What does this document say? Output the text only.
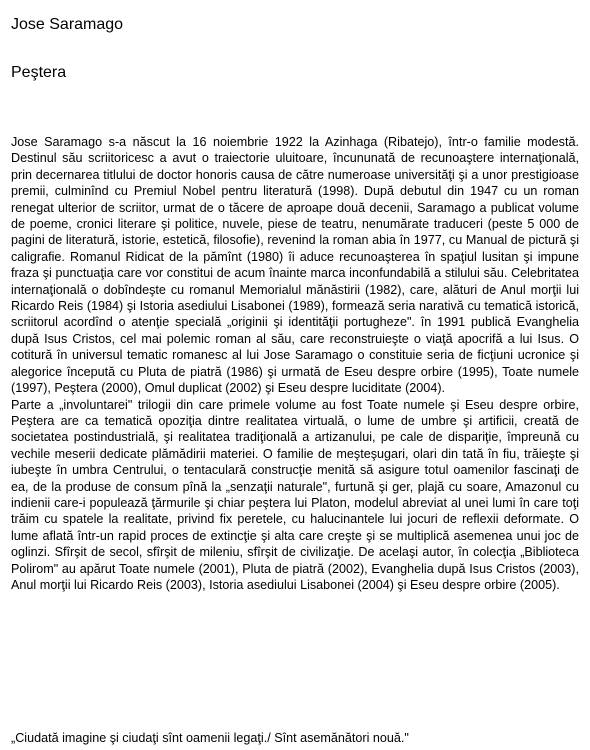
Jose Saramago
Peştera

Jose Saramago s-a născut la 16 noiembrie 1922 la Azinhaga (Ribatejo), într-o familie modestă. Destinul său scriitoricesc a avut o traiectorie uluitoare, încununată de recunoaştere internaţională, prin decernarea titlului de doctor honoris causa de către numeroase universităţi şi a unor prestigioase premii, culminînd cu Premiul Nobel pentru literatură (1998). După debutul din 1947 cu un roman renegat ulterior de scriitor, urmat de o tăcere de aproape două decenii, Saramago a publicat volume de poeme, cronici literare şi politice, nuvele, piese de teatru, nenumărate traduceri (peste 5 000 de pagini de literatură, istorie, estetică, filosofie), revenind la roman abia în 1977, cu Manual de pictură şi caligrafie. Romanul Ridicat de la pămînt (1980) îi aduce recunoaşterea în spaţiul lusitan şi impune fraza şi punctuaţia care vor constitui de acum înainte marca inconfundabilă a stilului său. Celebritatea internaţională o dobîndeşte cu romanul Memorialul mănăstirii (1982), care, alături de Anul morţii lui Ricardo Reis (1984) şi Istoria asediului Lisabonei (1989), formează seria narativă cu tematică istorică, scriitorul acordînd o atenţie specială „originii şi identităţii portugheze". în 1991 publică Evanghelia după Isus Cristos, cel mai polemic roman al său, care reconstruieşte o viaţă apocrifă a lui Isus. O cotitură în universul tematic romanesc al lui Jose Saramago o constituie seria de ficţiuni ucronice şi alegorice începută cu Pluta de piatră (1986) şi urmată de Eseu despre orbire (1995), Toate numele (1997), Peştera (2000), Omul duplicat (2002) şi Eseu despre luciditate (2004).

Parte a „involuntarei" trilogii din care primele volume au fost Toate numele şi Eseu despre orbire, Peştera are ca tematică opoziţia dintre realitatea virtuală, o lume de umbre şi artificii, creată de societatea postindustrială, şi realitatea tradiţională a artizanului, pe cale de dispariţie, împreună cu vechile meserii dedicate plămădirii materiei. O familie de meşteşugari, olari din tată în fiu, trăieşte şi iubeşte în umbra Centrului, o tentaculară construcţie menită să asigure totul oamenilor fascinaţi de ea, de la produse de consum pînă la „senzaţii naturale", furtună şi ger, plajă cu soare, Amazonul cu indienii care-i populează ţărmurile şi chiar peştera lui Platon, modelul abreviat al unei lumi în care toţi trăim cu spatele la realitate, privind fix peretele, cu halucinantele lui jocuri de reflexii deformate. O lume aflată într-un rapid proces de extincţie şi alta care creşte şi se multiplică asemenea unui joc de oglinzi. Sfîrşit de secol, sfîrşit de mileniu, sfîrşit de civilizaţie. De acelaşi autor, în colecţia „Biblioteca Polirom" au apărut Toate numele (2001), Pluta de piatră (2002), Evanghelia după Isus Cristos (2003), Anul morţii lui Ricardo Reis (2003), Istoria asediului Lisabonei (2004) şi Eseu despre orbire (2005).

„Ciudată imagine şi ciudaţi sînt oamenii legaţi./ Sînt asemănători nouă."
